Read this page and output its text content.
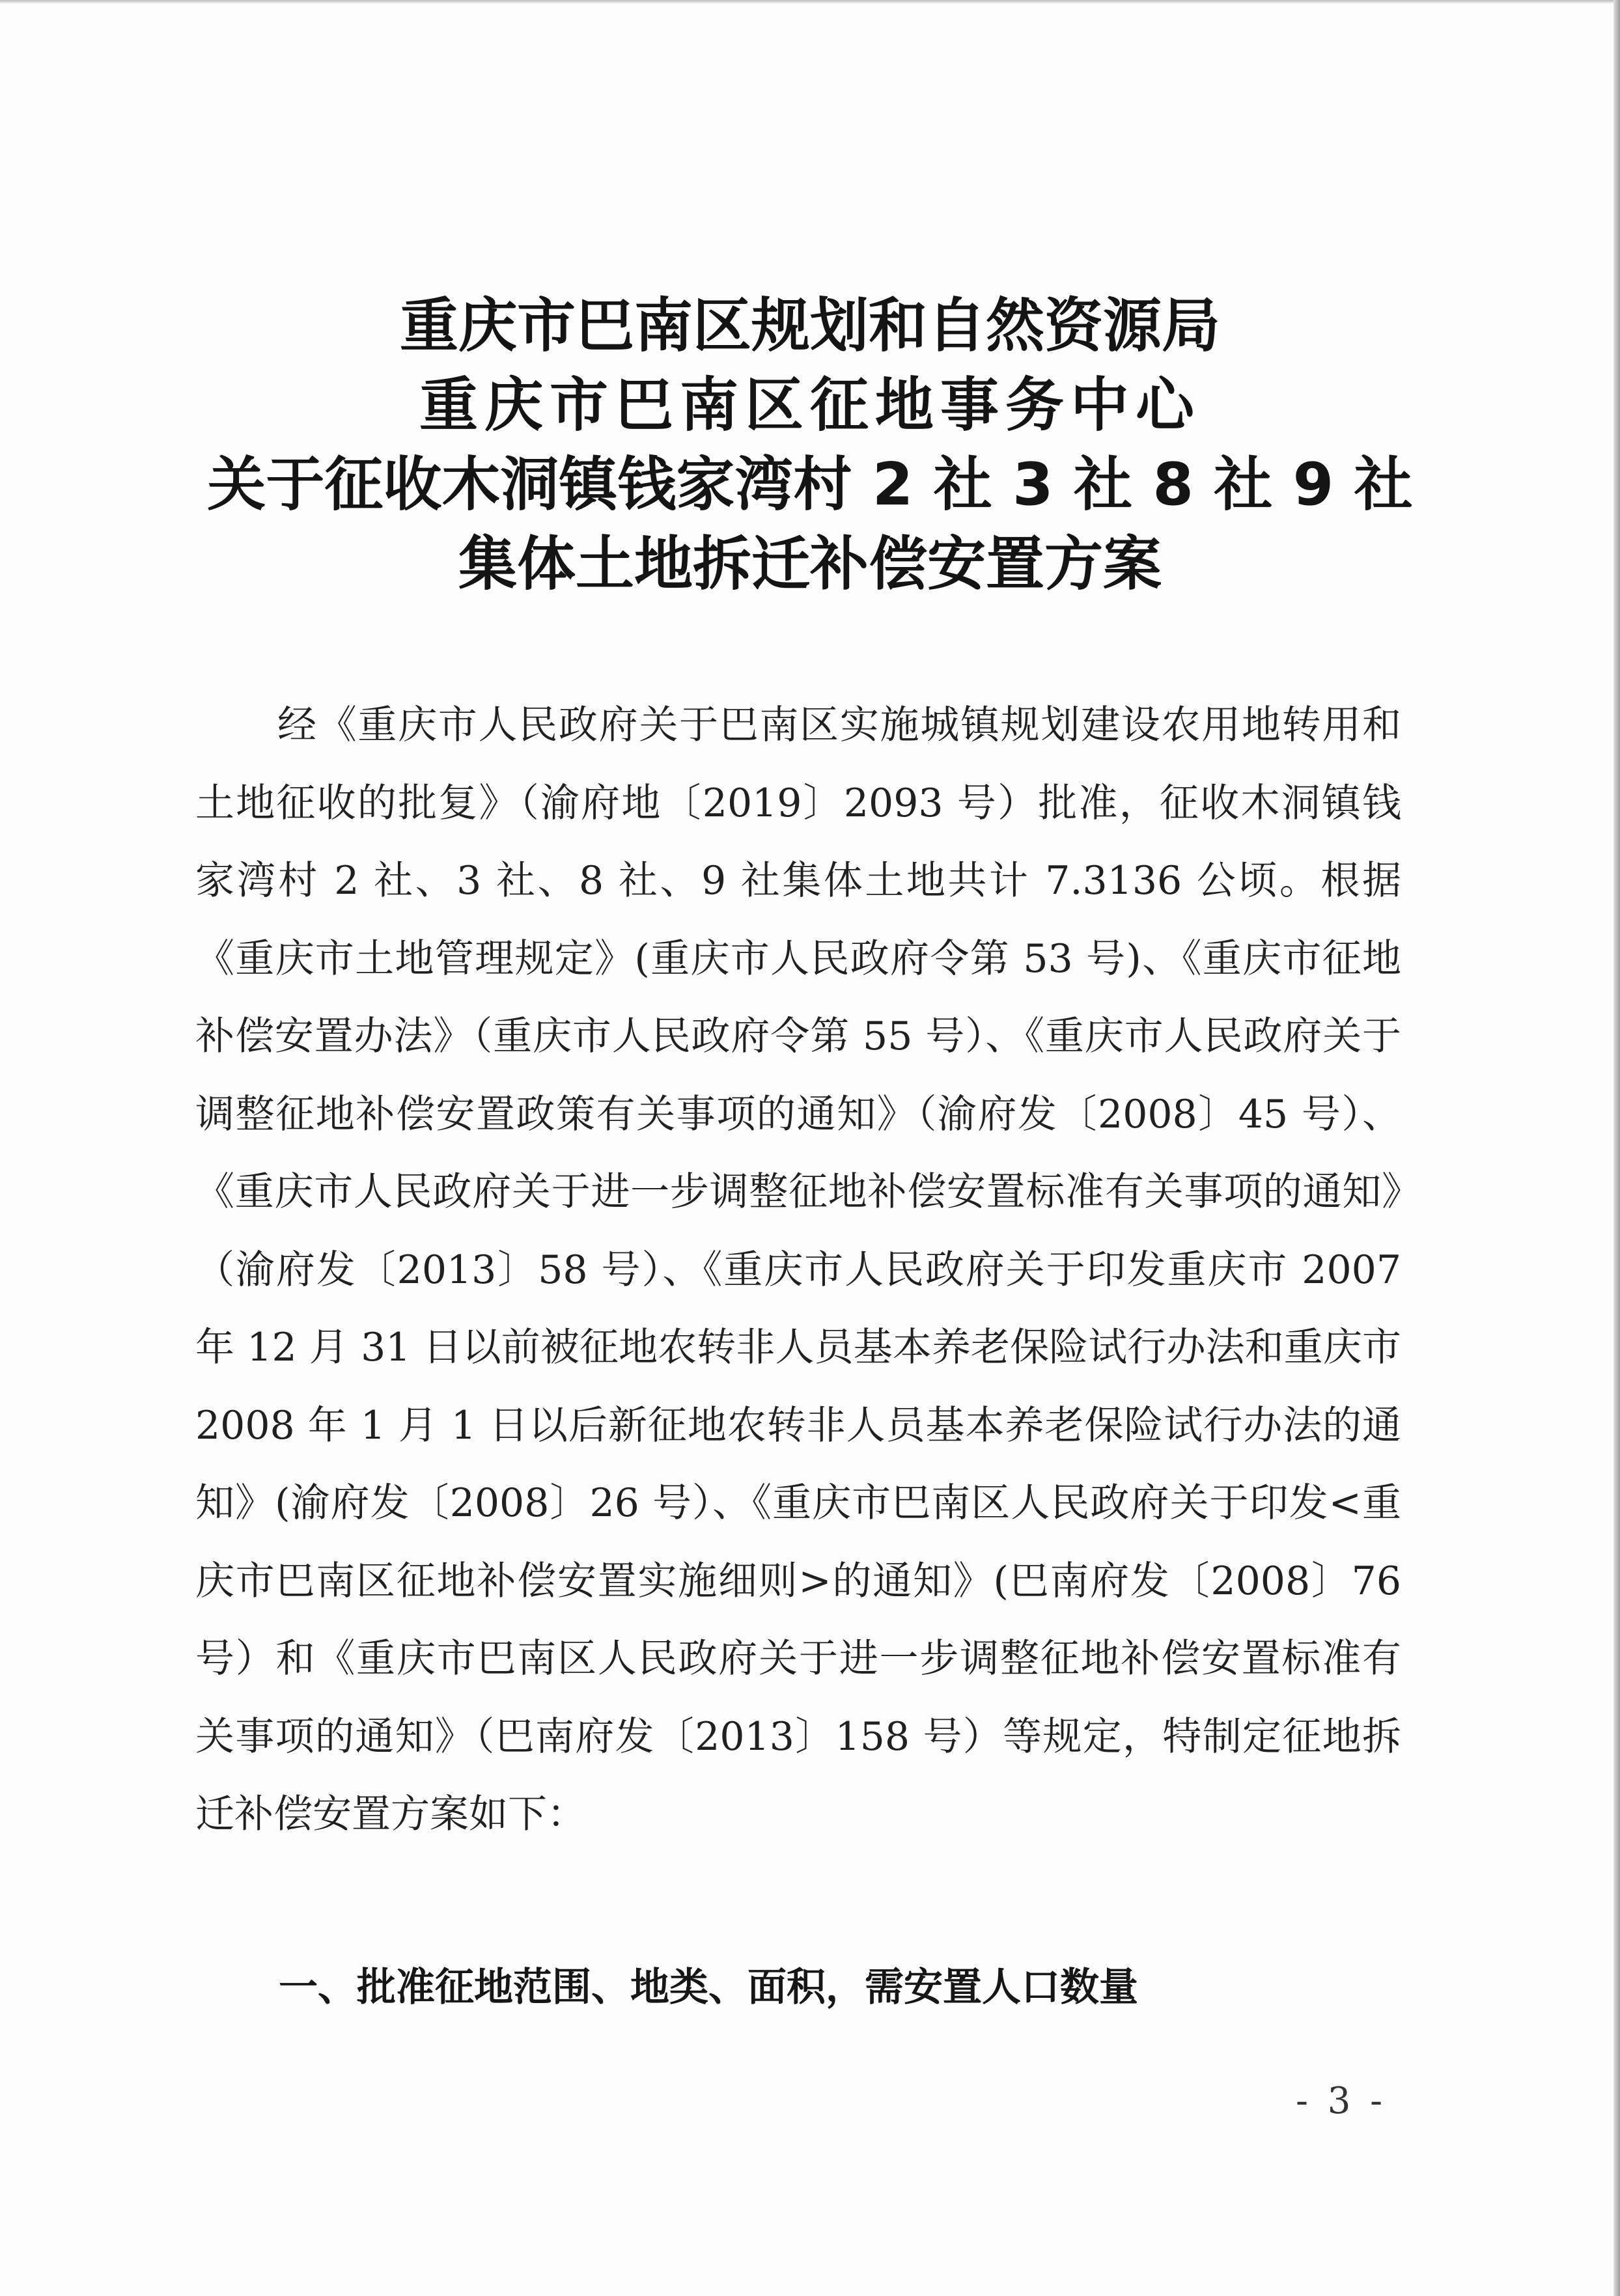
重庆市巴南区规划和自然资源局
重庆市巴南区征地事务中心
关于征收木洞镇钱家湾村 2 社 3 社 8 社 9 社
集体土地拆迁补偿安置方案

经《重庆市人民政府关于巴南区实施城镇规划建设农用地转用和土地征收的批复》（渝府地〔2019〕2093 号）批准，征收木洞镇钱家湾村 2 社、3 社、8 社、9 社集体土地共计 7.3136 公顷。根据《重庆市土地管理规定》(重庆市人民政府令第 53 号)、《重庆市征地补偿安置办法》（重庆市人民政府令第 55 号）、《重庆市人民政府关于调整征地补偿安置政策有关事项的通知》（渝府发〔2008〕45 号）、《重庆市人民政府关于进一步调整征地补偿安置标准有关事项的通知》（渝府发〔2013〕58 号）、《重庆市人民政府关于印发重庆市 2007 年 12 月 31 日以前被征地农转非人员基本养老保险试行办法和重庆市 2008 年 1 月 1 日以后新征地农转非人员基本养老保险试行办法的通知》(渝府发〔2008〕26 号）、《重庆市巴南区人民政府关于印发<重庆市巴南区征地补偿安置实施细则>的通知》(巴南府发〔2008〕76 号）和《重庆市巴南区人民政府关于进一步调整征地补偿安置标准有关事项的通知》（巴南府发〔2013〕158 号）等规定，特制定征地拆迁补偿安置方案如下：

一、批准征地范围、地类、面积，需安置人口数量
- 3 -
